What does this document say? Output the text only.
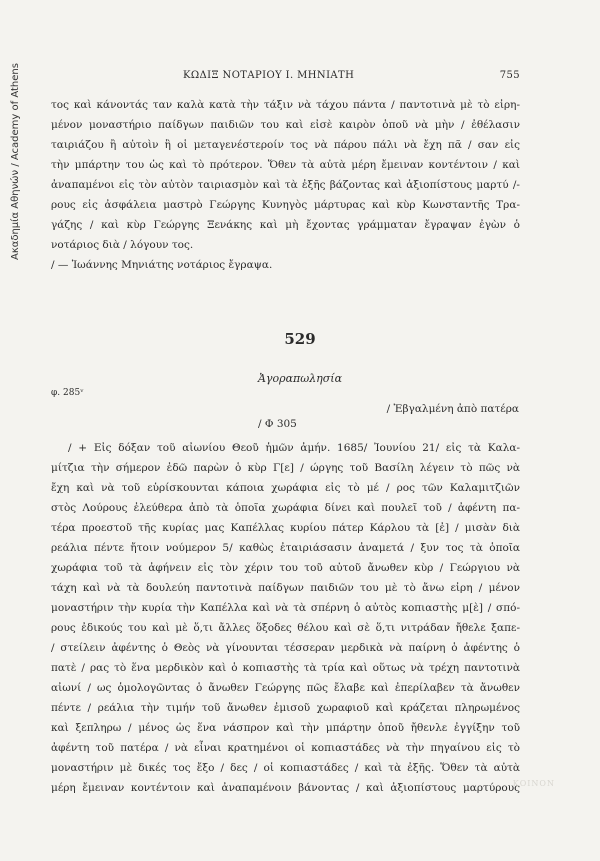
Ακαδημία Αθηνών / Academy of Athens	ΚΩΔΙΞ ΝΟΤΑΡΙΟΥ Ι. ΜΗΝΙΑΤΗ	755
τος καὶ κάνοντάς ταν καλὰ κατὰ τὴν τάξιν νὰ τάχου πάντα / παντοτινὰ μὲ τὸ εἰρη-
μένον μοναστήριο παίδγων παιδιῶν του καὶ εἰσὲ καιρὸν ὁποῦ νὰ μὴν / ἐθέλασιν
ταιριάζου ἢ αὐτοὶν ἢ οἱ μεταγενέστεροίν τος νὰ πάρου πάλι νὰ ἔχη πᾶ / σαν εἰς
τὴν μπάρτην του ὡς καὶ τὸ πρότερον. Ὅθεν τὰ αὐτὰ μέρη ἔμειναν κοντέντοιν / καὶ
ἀναπαμένοι εἰς τὸν αὐτὸν ταιριασμὸν καὶ τὰ ἐξῆς βάζοντας καὶ ἀξιοπίστους μαρτύ /-
ρους εἰς ἀσφάλεια μαστρὸ Γεώργης Κυνηγὸς μάρτυρας καὶ κὺρ Κωνσταντῆς Τρα-
γάζης / καὶ κὺρ Γεώργης Ξενάκης καὶ μὴ ἔχοντας γράμματαν ἔγραψαν ἐγὼν ὁ
νοτάριος διὰ / λόγουν τος.
/ — Ἰωάννης Μηνιάτης νοτάριος ἔγραψα.
529
Ἀγοραπωλησία
φ. 285ᵛ
/ Ἐβγαλμένη ἀπὸ πατέρα
/ Φ 305
/ + Εἰς δόξαν τοῦ αἰωνίου Θεοῦ ἡμῶν ἀμήν. 1685/ Ἰουνίου 21/ εἰς τὰ Καλα-
μίτζια τὴν σήμερον ἐδῶ παρὼν ὁ κὺρ Γ[ε] / ώργης τοῦ Βασίλη λέγειν τὸ πῶς νὰ
ἔχη καὶ νὰ τοῦ εὑρίσκουνται κάποια χωράφια εἰς τὸ μέ / ρος τῶν Καλαμιτζιῶν
στὸς Λούρους ἐλεύθερα ἀπὸ τὰ ὁποῖα χωράφια δίνει καὶ πουλεῖ τοῦ / ἀφέντη πα-
τέρα προεστοῦ τῆς κυρίας μας Καπέλλας κυρίου πάτερ Κάρλου τὰ [ἐ] / μισὰν διὰ
ρεάλια πέντε ἤτοιν νούμερον 5/ καθὼς ἐταιριάσασιν ἀναμετά / ξυν τος τὰ ὁποῖα
χωράφια τοῦ τὰ ἀφήνειν εἰς τὸν χέριν του τοῦ αὐτοῦ ἄνωθεν κὺρ / Γεώργιου νὰ
τάχη καὶ νὰ τὰ δουλεύη παντοτινὰ παίδγων παιδιῶν του μὲ τὸ ἄνω εἰρη / μένον
μοναστήριν τὴν κυρία τὴν Καπέλλα καὶ νὰ τὰ σπέρνη ὁ αὐτὸς κοπιαστὴς μ[ὲ] / σπό-
ρους ἐδικούς του καὶ μὲ ὅ,τι ἄλλες ὅξοδες θέλου καὶ σὲ ὅ,τι νιτράδαν ἤθελε ξαπε-
/ στείλειν ἀφέντης ὁ Θεὸς νὰ γίνουνται τέσσεραν μερδικὰ νὰ παίρνη ὁ ἀφέντης ὁ
πατὲ / ρας τὸ ἕνα μερδικὸν καὶ ὁ κοπιαστὴς τὰ τρία καὶ οὕτως νὰ τρέχη παντοτινὰ
αἰωνί / ως ὁμολογῶντας ὁ ἄνωθεν Γεώργης πῶς ἔλαβε καὶ ἐπερίλαβεν τὰ ἄνωθεν
πέντε / ρεάλια τὴν τιμήν τοῦ ἄνωθεν ἐμισοῦ χωραφιοῦ καὶ κράζεται πληρωμένος
καὶ ξεπληρω / μένος ὡς ἕνα νάσπρον καὶ τὴν μπάρτην ὁποῦ ἤθενλε ἐγγίξην τοῦ
ἀφέντη τοῦ πατέρα / νὰ εἶναι κρατημένοι οἱ κοπιαστάδες νὰ τὴν πηγαίνου εἰς τὸ
μοναστήριν μὲ δικές τος ἔξο / δες / οἱ κοπιαστάδες / καὶ τὰ ἐξῆς. Ὅθεν τὰ αὐτὰ
μέρη ἔμειναν κοντέντοιν καὶ ἀναπαμένοιν βάνοντας / καὶ ἀξιοπίστους μαρτύρους
ΚΟΙΝΟΝ
